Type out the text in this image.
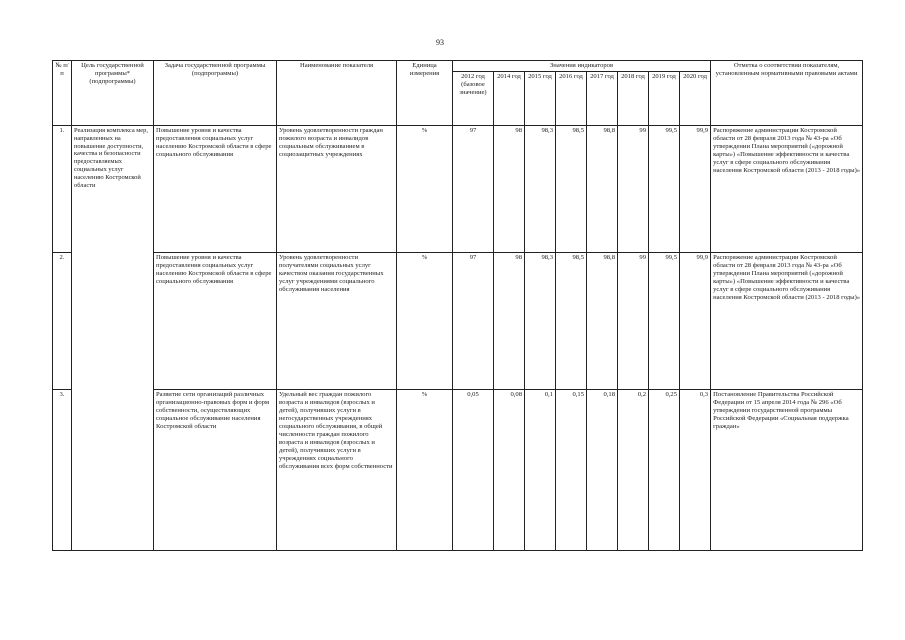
93
№ п/п	Цель государственной программы* (подпрограммы)	Задача государственной программы (подпрограммы)	Наименование показателя	Единица измерения	Значения индикаторов								Отметка о соответствии показателям, установленным нормативными правовыми актами
					2012 год (базовое значение)	2014 год	2015 год	2016 год	2017 год	2018 год	2019 год	2020 год	
1.	Реализация комплекса мер, направленных на повышение доступности, качества и безопасности предоставляемых социальных услуг населению Костромской области	Повышение уровня и качества предоставления социальных услуг населению Костромской области в сфере социального обслуживания	Уровень удовлетворенности граждан пожилого возраста и инвалидов социальным обслуживанием в социозащитных учреждениях	%	97	98	98,3	98,5	98,8	99	99,5	99,9	Распоряжение администрации Костромской области от 28 февраля 2013 года № 43-ра «Об утверждении Плана мероприятий («дорожной карты») «Повышение эффективности и качества услуг в сфере социального обслуживания населения Костромской области (2013 - 2018 годы)»
2.		Повышение уровня и качества предоставления социальных услуг населению Костромской области в сфере социального обслуживания	Уровень удовлетворенности получателями социальных услуг качеством оказания государственных услуг учреждениями социального обслуживания населения	%	97	98	98,3	98,5	98,8	99	99,5	99,9	Распоряжение администрации Костромской области от 28 февраля 2013 года № 43-ра «Об утверждении Плана мероприятий («дорожной карты») «Повышение эффективности и качества услуг в сфере социального обслуживания населения Костромской области (2013 - 2018 годы)»
3.		Развитие сети организаций различных организационно-правовых форм и форм собственности, осуществляющих социальное обслуживание населения Костромской области	Удельный вес граждан пожилого возраста и инвалидов (взрослых и детей), получивших услуги в негосударственных учреждениях социального обслуживания, в общей численности граждан пожилого возраста и инвалидов (взрослых и детей), получивших услуги в учреждениях социального обслуживания всех форм собственности	%	0,05	0,08	0,1	0,15	0,18	0,2	0,25	0,3	Постановление Правительства Российской Федерации от 15 апреля 2014 года № 296 «Об утверждении государственной программы Российской Федерации «Социальная поддержка граждан»
